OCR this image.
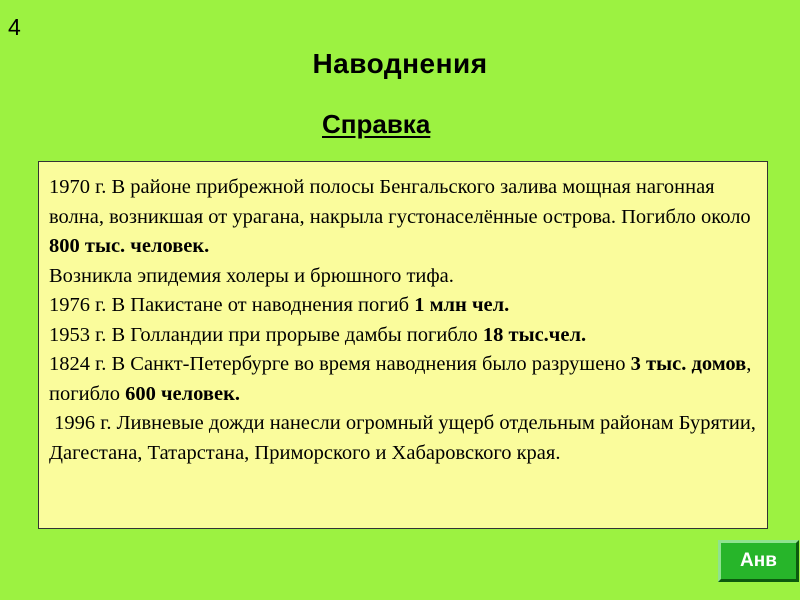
4
Наводнения
Справка
1970 г. В районе прибрежной полосы Бенгальского залива мощная нагонная волна, возникшая от урагана, накрыла густонаселённые острова. Погибло около 800 тыс. человек.
Возникла эпидемия холеры и брюшного тифа.
1976 г. В Пакистане от наводнения погиб 1 млн чел.
1953 г. В Голландии при прорыве дамбы погибло 18 тыс.чел.
1824 г. В Санкт-Петербурге во время наводнения было разрушено 3 тыс. домов, погибло 600 человек.
1996 г. Ливневые дожди нанесли огромный ущерб отдельным районам Бурятии, Дагестана, Татарстана, Приморского и Хабаровского края.
Анв
